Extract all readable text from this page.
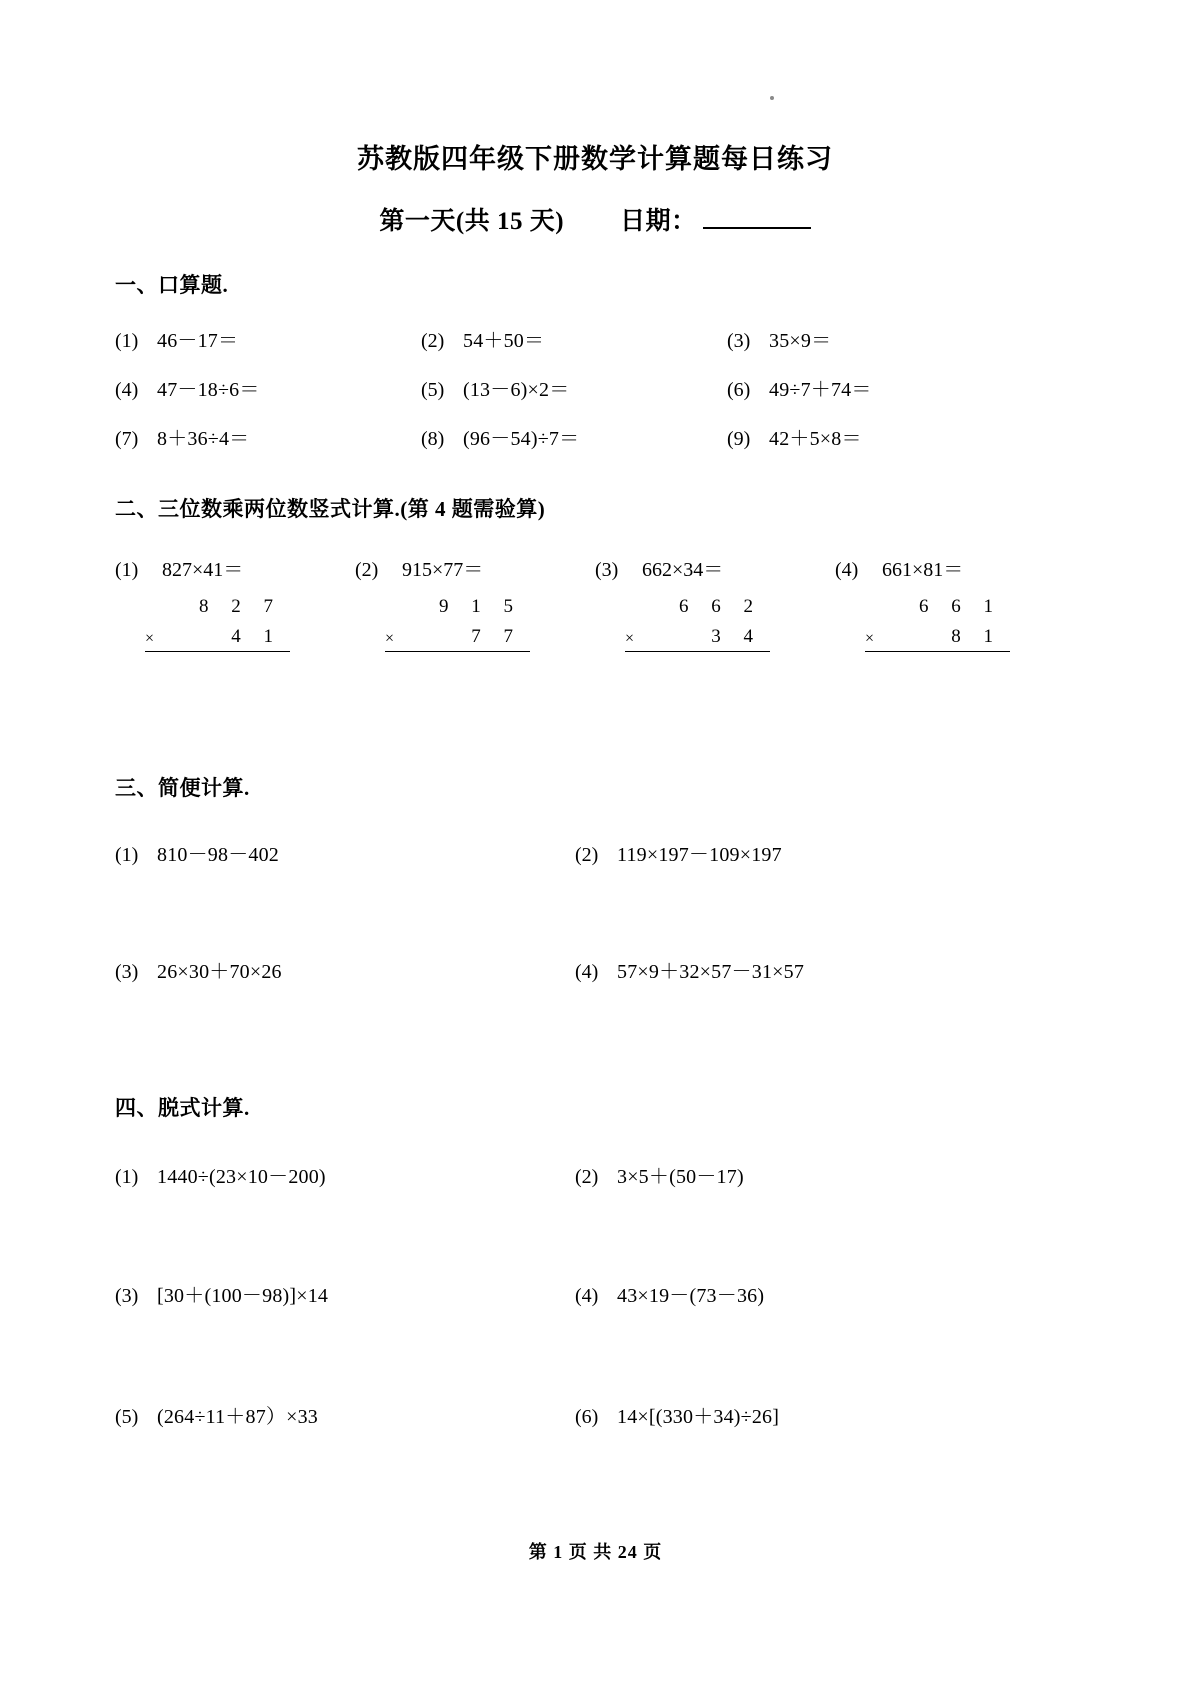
苏教版四年级下册数学计算题每日练习
第一天(共 15 天) 日期：
一、口算题.
(1) 46－17＝	(2) 54＋50＝	(3) 35×9＝
(4) 47－18÷6＝	(5) (13－6)×2＝	(6) 49÷7＋74＝
(7) 8＋36÷4＝	(8) (96－54)÷7＝	(9) 42＋5×8＝
二、三位数乘两位数竖式计算.(第 4 题需验算)
(1) 827×41＝
8 2 7
×	4 1
(2) 915×77＝
9 1 5
×	7 7
(3) 662×34＝
6 6 2
×	3 4
(4) 661×81＝
6 6 1
×	8 1
三、简便计算.
(1) 810－98－402	(2) 119×197－109×197
(3) 26×30＋70×26	(4) 57×9＋32×57－31×57
四、脱式计算.
(1) 1440÷(23×10－200)	(2) 3×5＋(50－17)
(3) [30＋(100－98)]×14	(4) 43×19－(73－36)
(5) (264÷11＋87）×33	(6) 14×[(330＋34)÷26]
第 1 页 共 24 页
